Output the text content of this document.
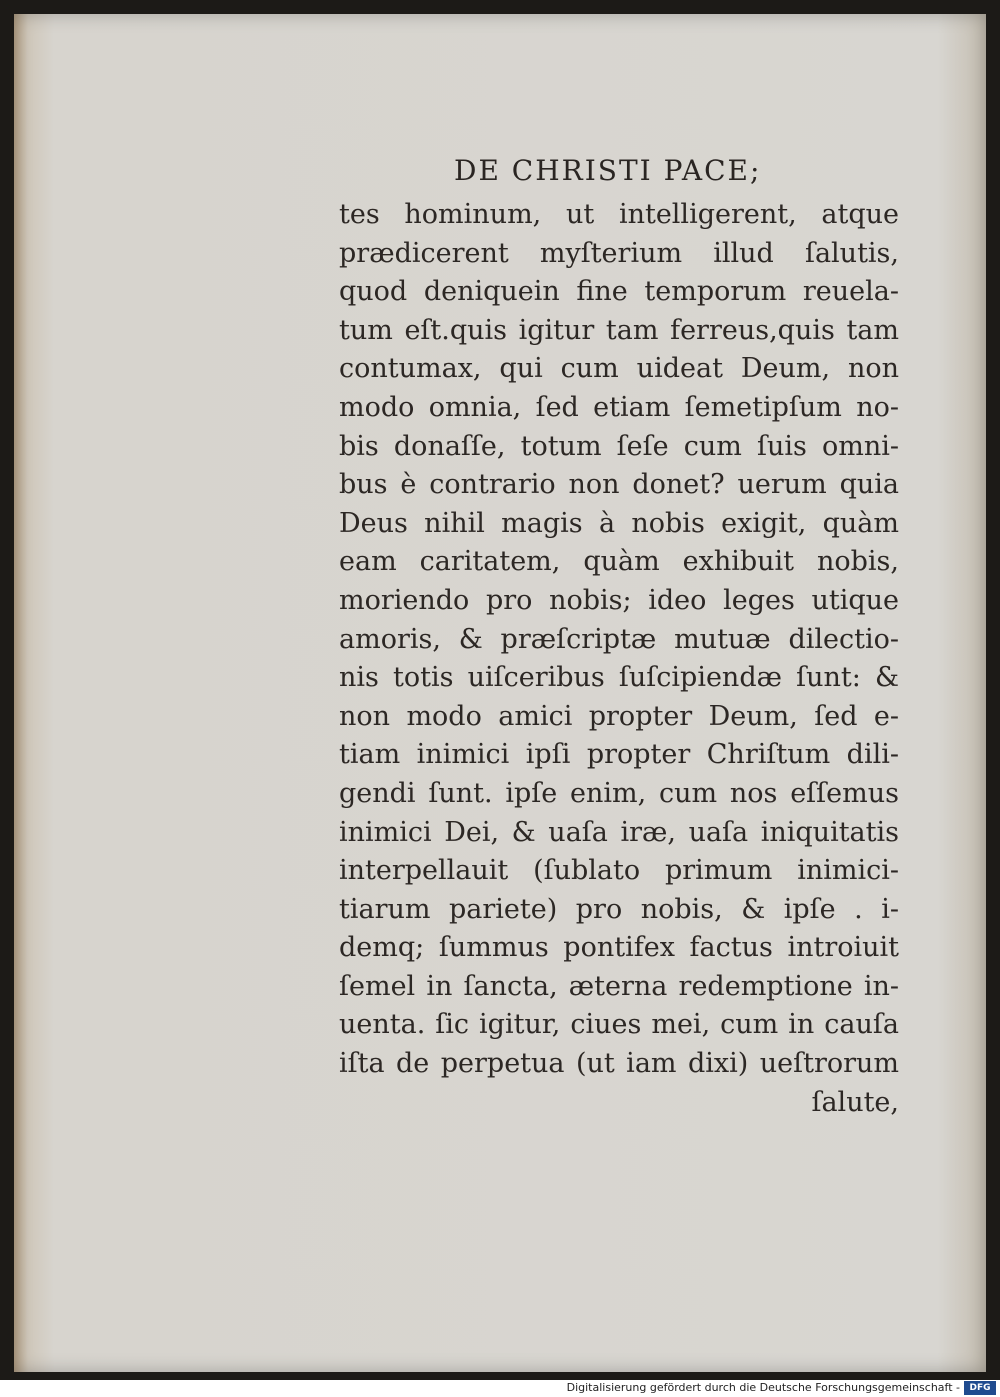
DE CHRISTI PACE;
tes hominum, ut intelligerent, atque
prædicerent myſterium illud ſalutis,
quod deniquein fine temporum reuela-
tum eſt.quis igitur tam ferreus,quis tam
contumax, qui cum uideat Deum, non
modo omnia, ſed etiam ſemetipſum no-
bis donaſſe, totum ſeſe cum ſuis omni-
bus è contrario non donet? uerum quia
Deus nihil magis à nobis exigit, quàm
eam caritatem, quàm exhibuit nobis,
moriendo pro nobis; ideo leges utique
amoris, & præſcriptæ mutuæ dilectio-
nis totis uiſceribus ſuſcipiendæ ſunt: &
non modo amici propter Deum, ſed e-
tiam inimici ipſi propter Chriſtum dili-
gendi ſunt. ipſe enim, cum nos eſſemus
inimici Dei, & uaſa iræ, uaſa iniquitatis
interpellauit (ſublato primum inimici-
tiarum pariete) pro nobis, & ipſe . i-
demq; ſummus pontifex factus introiuit
ſemel in ſancta, æterna redemptione in-
uenta. ſic igitur, ciues mei, cum in cauſa
iſta de perpetua (ut iam dixi) ueſtrorum
ſalute,
Digitalisierung gefördert durch die Deutsche Forschungsgemeinschaft -	DFG
